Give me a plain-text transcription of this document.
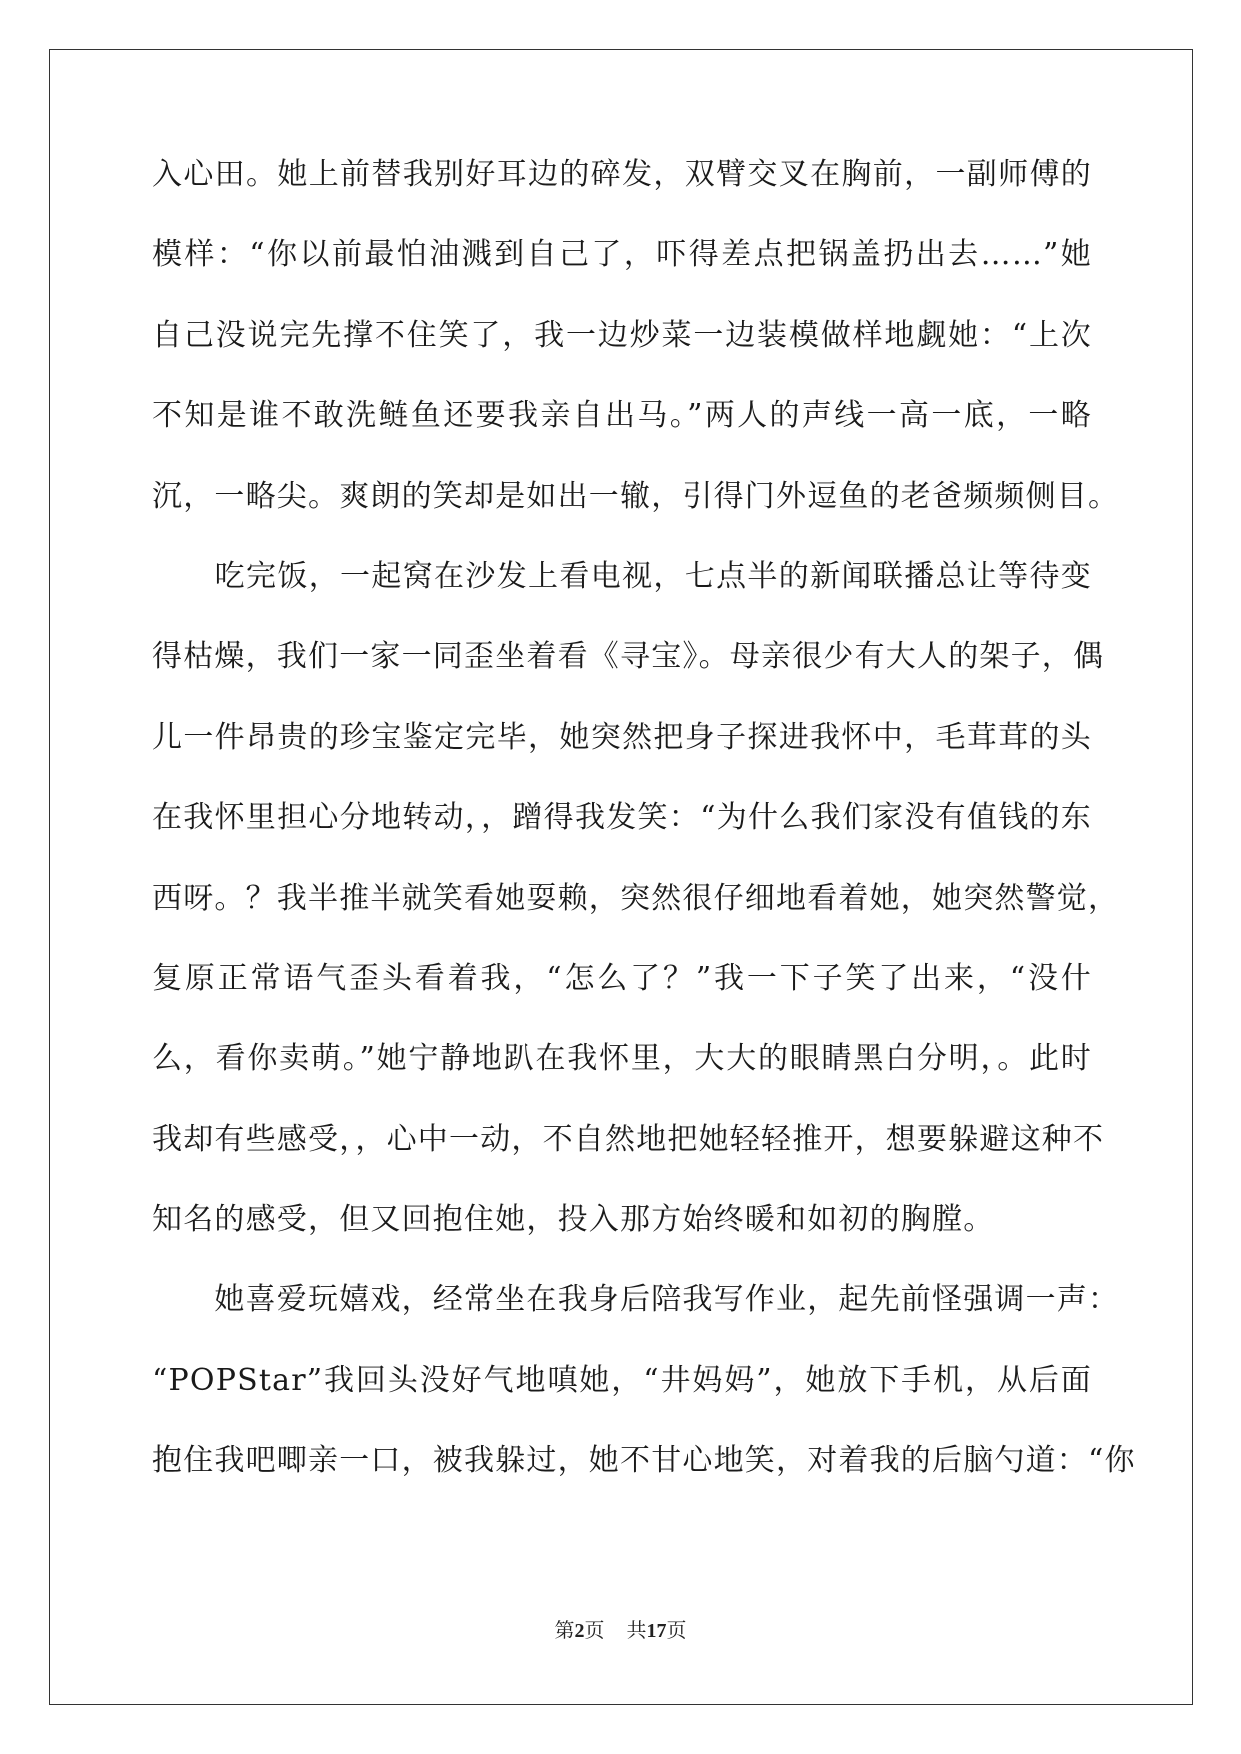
入心田。她上前替我别好耳边的碎发，双臂交叉在胸前，一副师傅的
模样：“你以前最怕油溅到自己了，吓得差点把锅盖扔出去……”她
自己没说完先撑不住笑了，我一边炒菜一边装模做样地觑她：“上次
不知是谁不敢洗鲢鱼还要我亲自出马。”两人的声线一高一底，一略
沉，一略尖。爽朗的笑却是如出一辙，引得门外逗鱼的老爸频频侧目。
　　吃完饭，一起窝在沙发上看电视，七点半的新闻联播总让等待变
得枯燥，我们一家一同歪坐着看《寻宝》。母亲很少有大人的架子，偶
儿一件昂贵的珍宝鉴定完毕，她突然把身子探进我怀中，毛茸茸的头
在我怀里担心分地转动，，蹭得我发笑：“为什么我们家没有值钱的东
西呀。？我半推半就笑看她耍赖，突然很仔细地看着她，她突然警觉，
复原正常语气歪头看着我，“怎么了？”我一下子笑了出来，“没什
么，看你卖萌。”她宁静地趴在我怀里，大大的眼睛黑白分明，。此时
我却有些感受，，心中一动，不自然地把她轻轻推开，想要躲避这种不
知名的感受，但又回抱住她，投入那方始终暖和如初的胸膛。
　　她喜爱玩嬉戏，经常坐在我身后陪我写作业，起先前怪强调一声：
“POPStar”我回头没好气地嗔她，“井妈妈”，她放下手机，从后面
抱住我吧唧亲一口，被我躲过，她不甘心地笑，对着我的后脑勺道：“你
第2页 共17页
